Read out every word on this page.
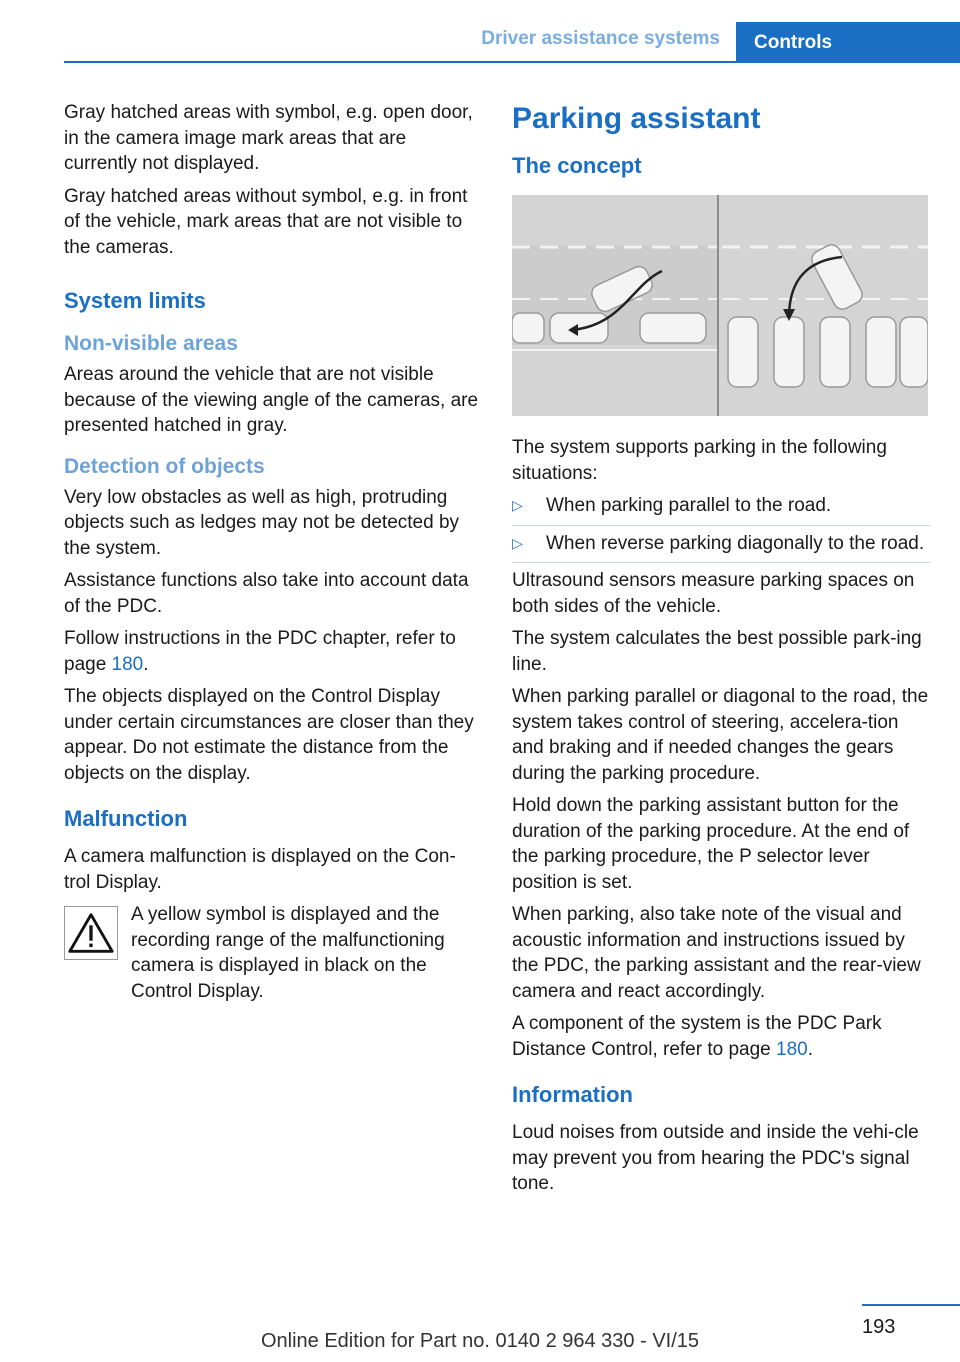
Driver assistance systems	Controls

Gray hatched areas with symbol, e.g. open door, in the camera image mark areas that are currently not displayed.

Gray hatched areas without symbol, e.g. in front of the vehicle, mark areas that are not visible to the cameras.

System limits
Non-visible areas

Areas around the vehicle that are not visible because of the viewing angle of the cameras, are presented hatched in gray.

Detection of objects

Very low obstacles as well as high, protruding objects such as ledges may not be detected by the system.

Assistance functions also take into account data of the PDC.

Follow instructions in the PDC chapter, refer to page 180.

The objects displayed on the Control Display under certain circumstances are closer than they appear. Do not estimate the distance from the objects on the display.

Malfunction

A camera malfunction is displayed on the Con‐trol Display.

A yellow symbol is displayed and the recording range of the malfunctioning camera is displayed in black on the Control Display.

Parking assistant
The concept

The system supports parking in the following situations:

▷ When parking parallel to the road.
▷ When reverse parking diagonally to the road.

Ultrasound sensors measure parking spaces on both sides of the vehicle.

The system calculates the best possible park‐ing line.

When parking parallel or diagonal to the road, the system takes control of steering, accelera‐tion and braking and if needed changes the gears during the parking procedure.

Hold down the parking assistant button for the duration of the parking procedure. At the end of the parking procedure, the P selector lever position is set.

When parking, also take note of the visual and acoustic information and instructions issued by the PDC, the parking assistant and the rear‐view camera and react accordingly.

A component of the system is the PDC Park Distance Control, refer to page 180.

Information

Loud noises from outside and inside the vehi‐cle may prevent you from hearing the PDC's signal tone.

193
Online Edition for Part no. 0140 2 964 330 - VI/15
